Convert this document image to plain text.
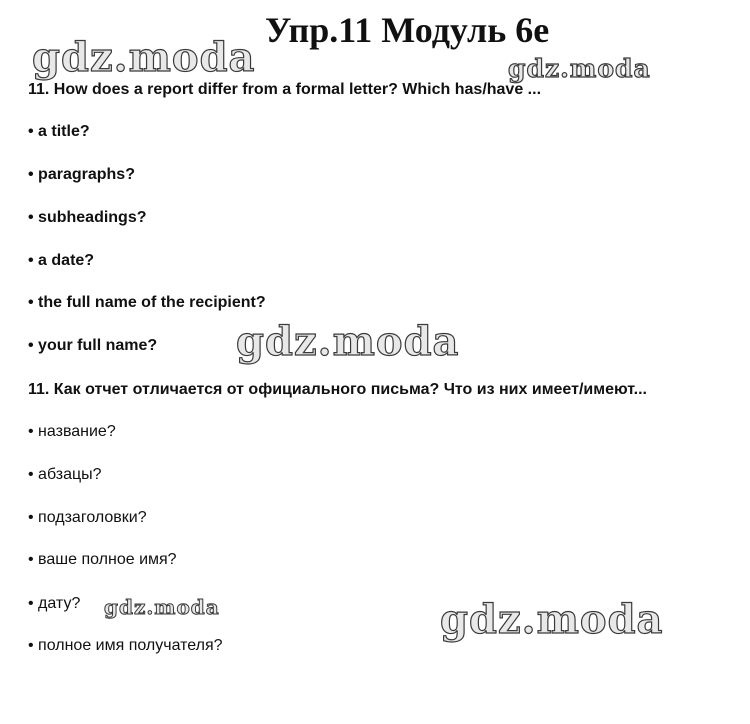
Упр.11 Модуль 6е
11. How does a report differ from a formal letter? Which has/have ...
• a title?
• paragraphs?
• subheadings?
• a date?
• the full name of the recipient?
• your full name?
11. Как отчет отличается от официального письма? Что из них имеет/имеют...
• название?
• абзацы?
• подзаголовки?
• ваше полное имя?
• дату?
• полное имя получателя?
gdz.moda	gdz.moda
gdz.moda
gdz.moda	gdz.moda
